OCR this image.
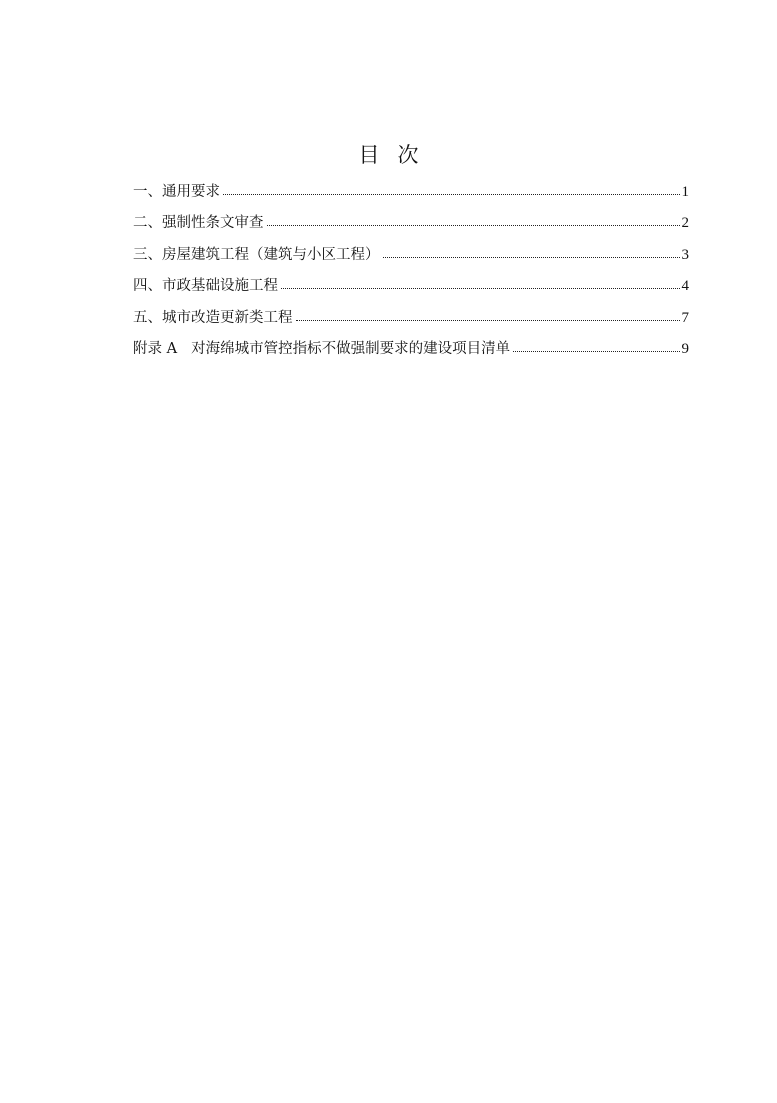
目 次
一、通用要求	1
二、强制性条文审查	2
三、房屋建筑工程（建筑与小区工程）	3
四、市政基础设施工程	4
五、城市改造更新类工程	7
附录 A 对海绵城市管控指标不做强制要求的建设项目清单	9
